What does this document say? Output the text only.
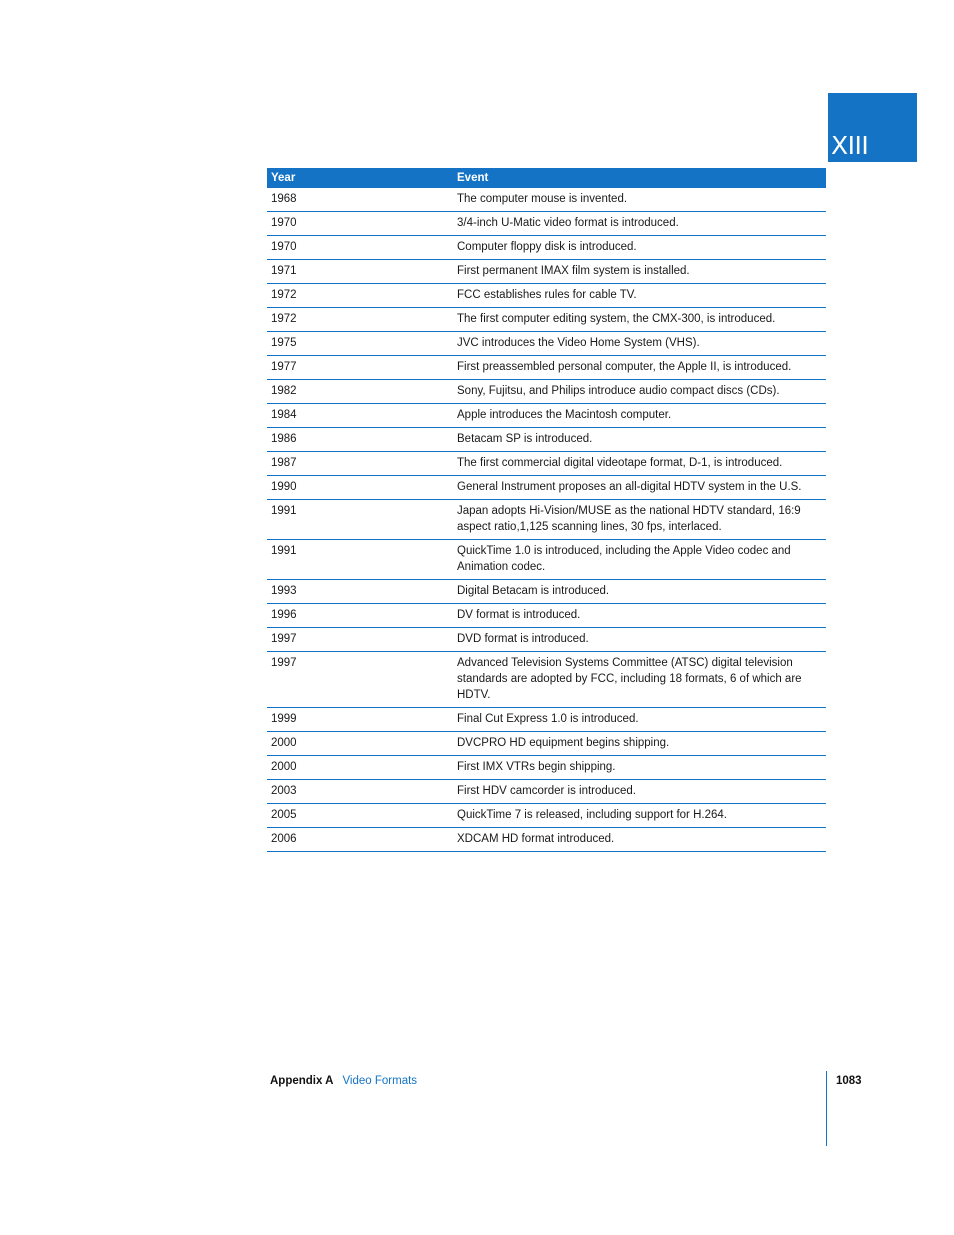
XIII
Year	Event
1968	The computer mouse is invented.
1970	3/4-inch U-Matic video format is introduced.
1970	Computer floppy disk is introduced.
1971	First permanent IMAX film system is installed.
1972	FCC establishes rules for cable TV.
1972	The first computer editing system, the CMX-300, is introduced.
1975	JVC introduces the Video Home System (VHS).
1977	First preassembled personal computer, the Apple II, is introduced.
1982	Sony, Fujitsu, and Philips introduce audio compact discs (CDs).
1984	Apple introduces the Macintosh computer.
1986	Betacam SP is introduced.
1987	The first commercial digital videotape format, D-1, is introduced.
1990	General Instrument proposes an all-digital HDTV system in the U.S.
1991	Japan adopts Hi-Vision/MUSE as the national HDTV standard, 16:9 aspect ratio,1,125 scanning lines, 30 fps, interlaced.
1991	QuickTime 1.0 is introduced, including the Apple Video codec and Animation codec.
1993	Digital Betacam is introduced.
1996	DV format is introduced.
1997	DVD format is introduced.
1997	Advanced Television Systems Committee (ATSC) digital television standards are adopted by FCC, including 18 formats, 6 of which are HDTV.
1999	Final Cut Express 1.0 is introduced.
2000	DVCPRO HD equipment begins shipping.
2000	First IMX VTRs begin shipping.
2003	First HDV camcorder is introduced.
2005	QuickTime 7 is released, including support for H.264.
2006	XDCAM HD format introduced.
Appendix A Video Formats	1083
